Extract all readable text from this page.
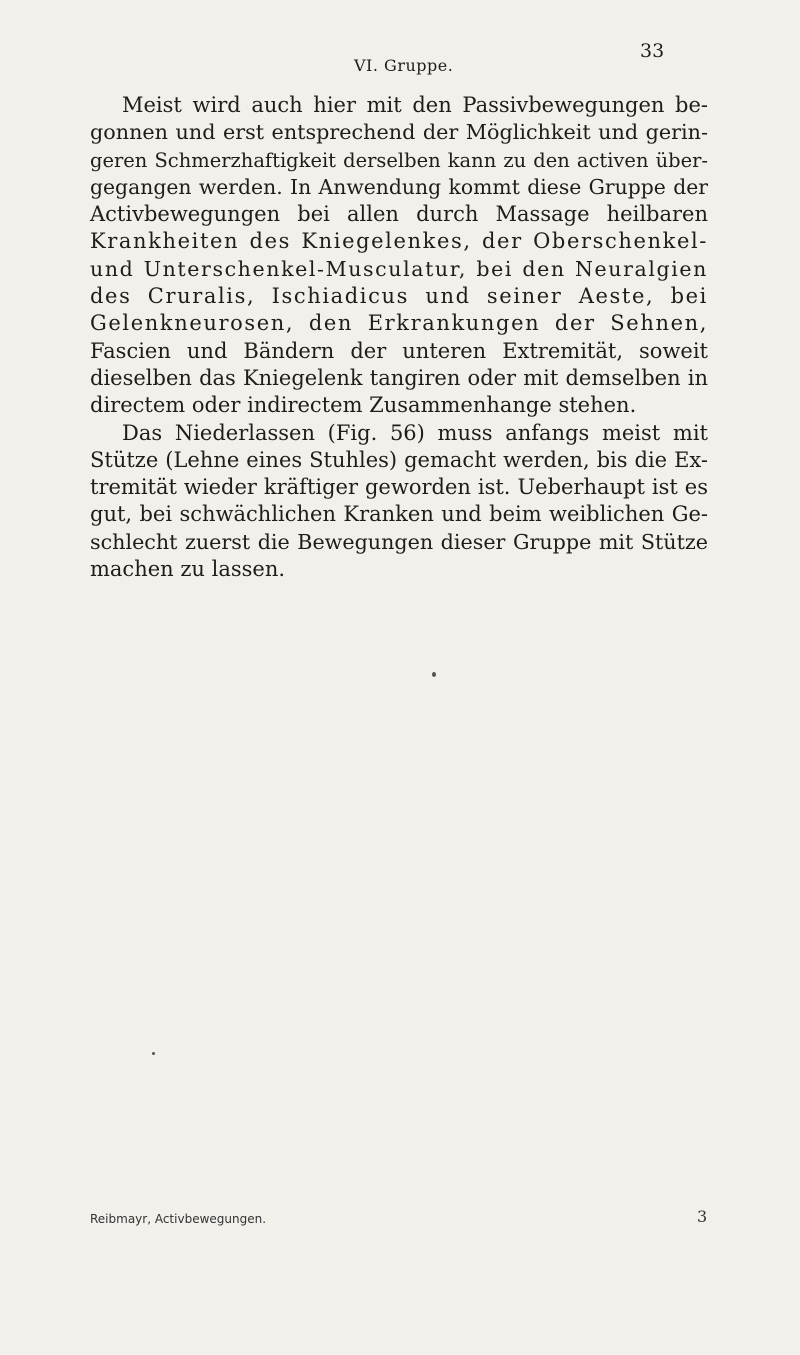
33
VI. Gruppe.
Meist wird auch hier mit den Passivbewegungen be-
gonnen und erst entsprechend der Möglichkeit und gerin-
geren Schmerzhaftigkeit derselben kann zu den activen über-
gegangen werden. In Anwendung kommt diese Gruppe der
Activbewegungen bei allen durch Massage heilbaren
Krankheiten des Kniegelenkes, der Oberschenkel-
und Unterschenkel-Musculatur, bei den Neuralgien
des Cruralis, Ischiadicus und seiner Aeste, bei
Gelenkneurosen, den Erkrankungen der Sehnen,
Fascien und Bändern der unteren Extremität, soweit
dieselben das Kniegelenk tangiren oder mit demselben in
directem oder indirectem Zusammenhange stehen.
Das Niederlassen (Fig. 56) muss anfangs meist mit
Stütze (Lehne eines Stuhles) gemacht werden, bis die Ex-
tremität wieder kräftiger geworden ist. Ueberhaupt ist es
gut, bei schwächlichen Kranken und beim weiblichen Ge-
schlecht zuerst die Bewegungen dieser Gruppe mit Stütze
machen zu lassen.
Reibmayr, Activbewegungen.	3
